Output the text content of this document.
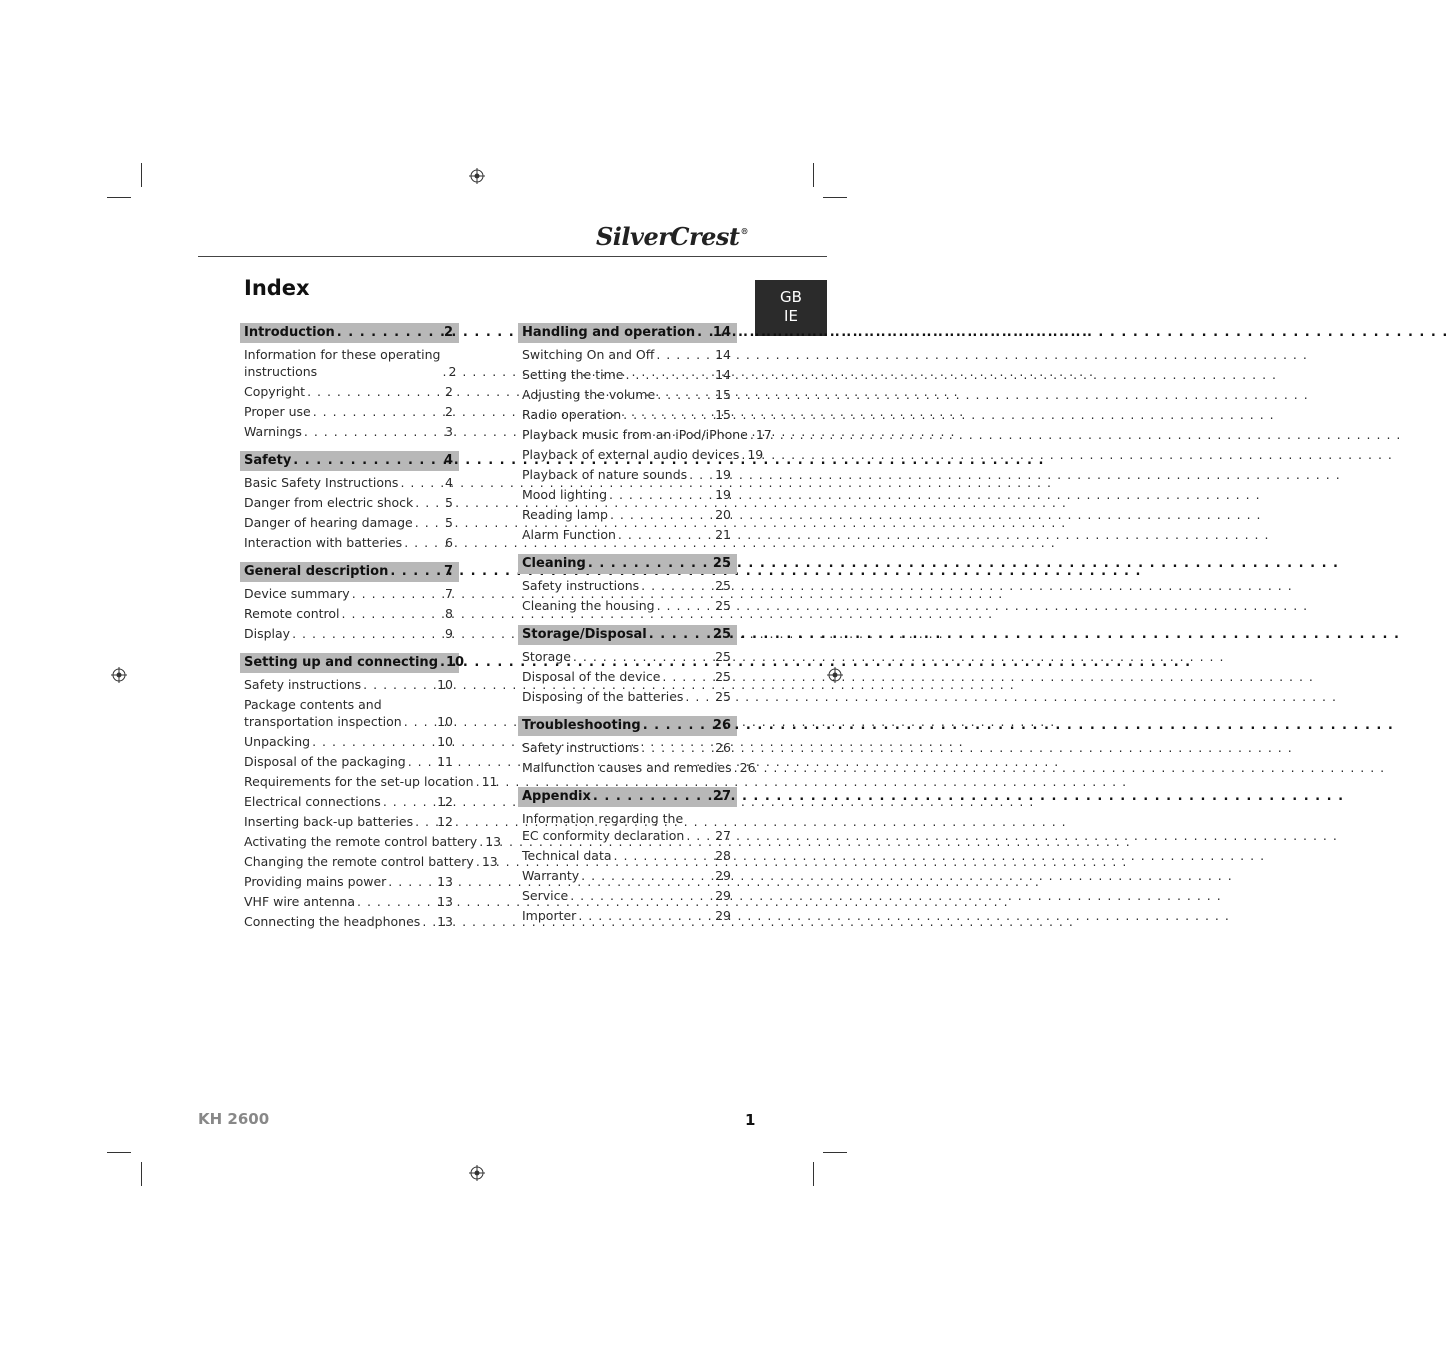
SilverCrest®
GB
IE
Index
Introduction . . .	2
Information for these operating
instructions . . .	2
Copyright . . .	2
Proper use . . .	2
Warnings . . .	3
Safety . . .	4
Basic Safety Instructions . . .	4
Danger from electric shock . . .	5
Danger of hearing damage . . .	5
Interaction with batteries . . .	6
General description . . .	7
Device summary . . .	7
Remote control . . .	8
Display . . .	9
Setting up and connecting . . . 10
Safety instructions . . .	10
Package contents and
transportation inspection . . .	10
Unpacking . . .	10
Disposal of the packaging . . .	11
Requirements for the set-up location . . . 11
Electrical connections . . .	12
Inserting back-up batteries . . . 12
Activating the remote control battery . . . 13
Changing the remote control battery . . . 13
Providing mains power . . .	13
VHF wire antenna . . .	13
Connecting the headphones . . . 13
Handling and operation . . . 14
Switching On and Off . . .	14
Setting the time . . .	14
Adjusting the volume . . .	15
Radio operation . . .	15
Playback music from an iPod/iPhone . . . 17
Playback of external audio devices . . . 19
Playback of nature sounds . . . 19
Mood lighting . . .	19
Reading lamp . . .	20
Alarm Function . . .	21
Cleaning . . .	25
Safety instructions . . .	25
Cleaning the housing . . .	25
Storage/Disposal . . .	25
Storage . . .	25
Disposal of the device . . .	25
Disposing of the batteries . . .	25
Troubleshooting . . .	26
Safety instructions . . .	26
Malfunction causes and remedies . . . 26
Appendix . . .	27
Information regarding the
EC conformity declaration . . . 27
Technical data . . .	28
Warranty . . .	29
Service . . .	29
Importer . . .	29
KH 2600	1
